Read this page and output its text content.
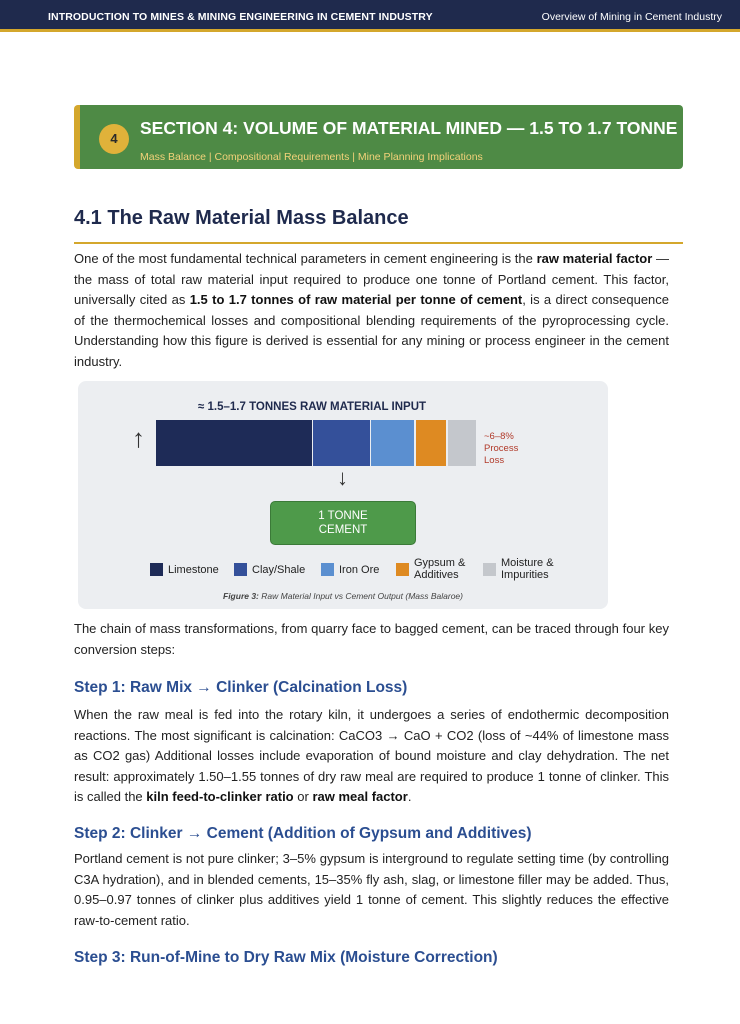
INTRODUCTION TO MINES & MINING ENGINEERING IN CEMENT INDUSTRY	Overview of Mining in Cement Industry
4
SECTION 4: VOLUME OF MATERIAL MINED — 1.5 TO 1.7 TONNE
Mass Balance | Compositional Requirements | Mine Planning Implications
4.1 The Raw Material Mass Balance

One of the most fundamental technical parameters in cement engineering is the raw material factor — the mass of total raw material input required to produce one tonne of Portland cement. This factor, universally cited as 1.5 to 1.7 tonnes of raw material per tonne of cement, is a direct consequence of the thermochemical losses and compositional blending requirements of the pyroprocessing cycle. Understanding how this figure is derived is essential for any mining or process engineer in the cement industry.

≈ 1.5–1.7 TONNES RAW MATERIAL INPUT
↑	~6–8%
Process
Loss
↓
1 TONNE
CEMENT
Limestone	Clay/Shale	Iron Ore
Gypsum &
Additives
Moisture &
Impurities
Figure 3: Raw Material Input vs Cement Output (Mass Balaroe)

The chain of mass transformations, from quarry face to bagged cement, can be traced through four key conversion steps:

Step 1: Raw Mix → Clinker (Calcination Loss)

When the raw meal is fed into the rotary kiln, it undergoes a series of endothermic decomposition reactions. The most significant is calcination: CaCO3 → CaO + CO2 (loss of ~44% of limestone mass as CO2 gas) Additional losses include evaporation of bound moisture and clay dehydration. The net result: approximately 1.50–1.55 tonnes of dry raw meal are required to produce 1 tonne of clinker. This is called the kiln feed-to-clinker ratio or raw meal factor.

Step 2: Clinker → Cement (Addition of Gypsum and Additives)

Portland cement is not pure clinker; 3–5% gypsum is interground to regulate setting time (by controlling C3A hydration), and in blended cements, 15–35% fly ash, slag, or limestone filler may be added. Thus, 0.95–0.97 tonnes of clinker plus additives yield 1 tonne of cement. This slightly reduces the effective raw-to-cement ratio.

Step 3: Run-of-Mine to Dry Raw Mix (Moisture Correction)
